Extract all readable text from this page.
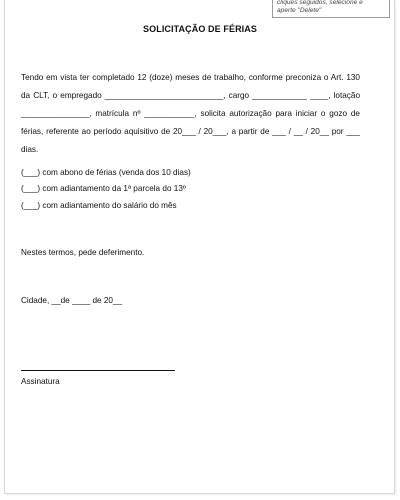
cliques seguidos, selecione e
aperte "Delete"
SOLICITAÇÃO DE FÉRIAS

Tendo em vista ter completado 12 (doze) meses de trabalho, conforme preconiza o Art. 130 da CLT, o empregado __________________________, cargo ____________ ____, lotação _______________, matrícula nº ___________, solicita autorização para iniciar o gozo de férias, referente ao período aquisitivo de 20___ / 20___, a partir de ___ / __ / 20__ por ___ dias.

(___) com abono de férias (venda dos 10 dias)
(___) com adiantamento da 1ª parcela do 13º
(___) com adiantamento do salário do mês
Nestes termos, pede deferimento.
Cidade, __de ____ de 20__
Assinatura
